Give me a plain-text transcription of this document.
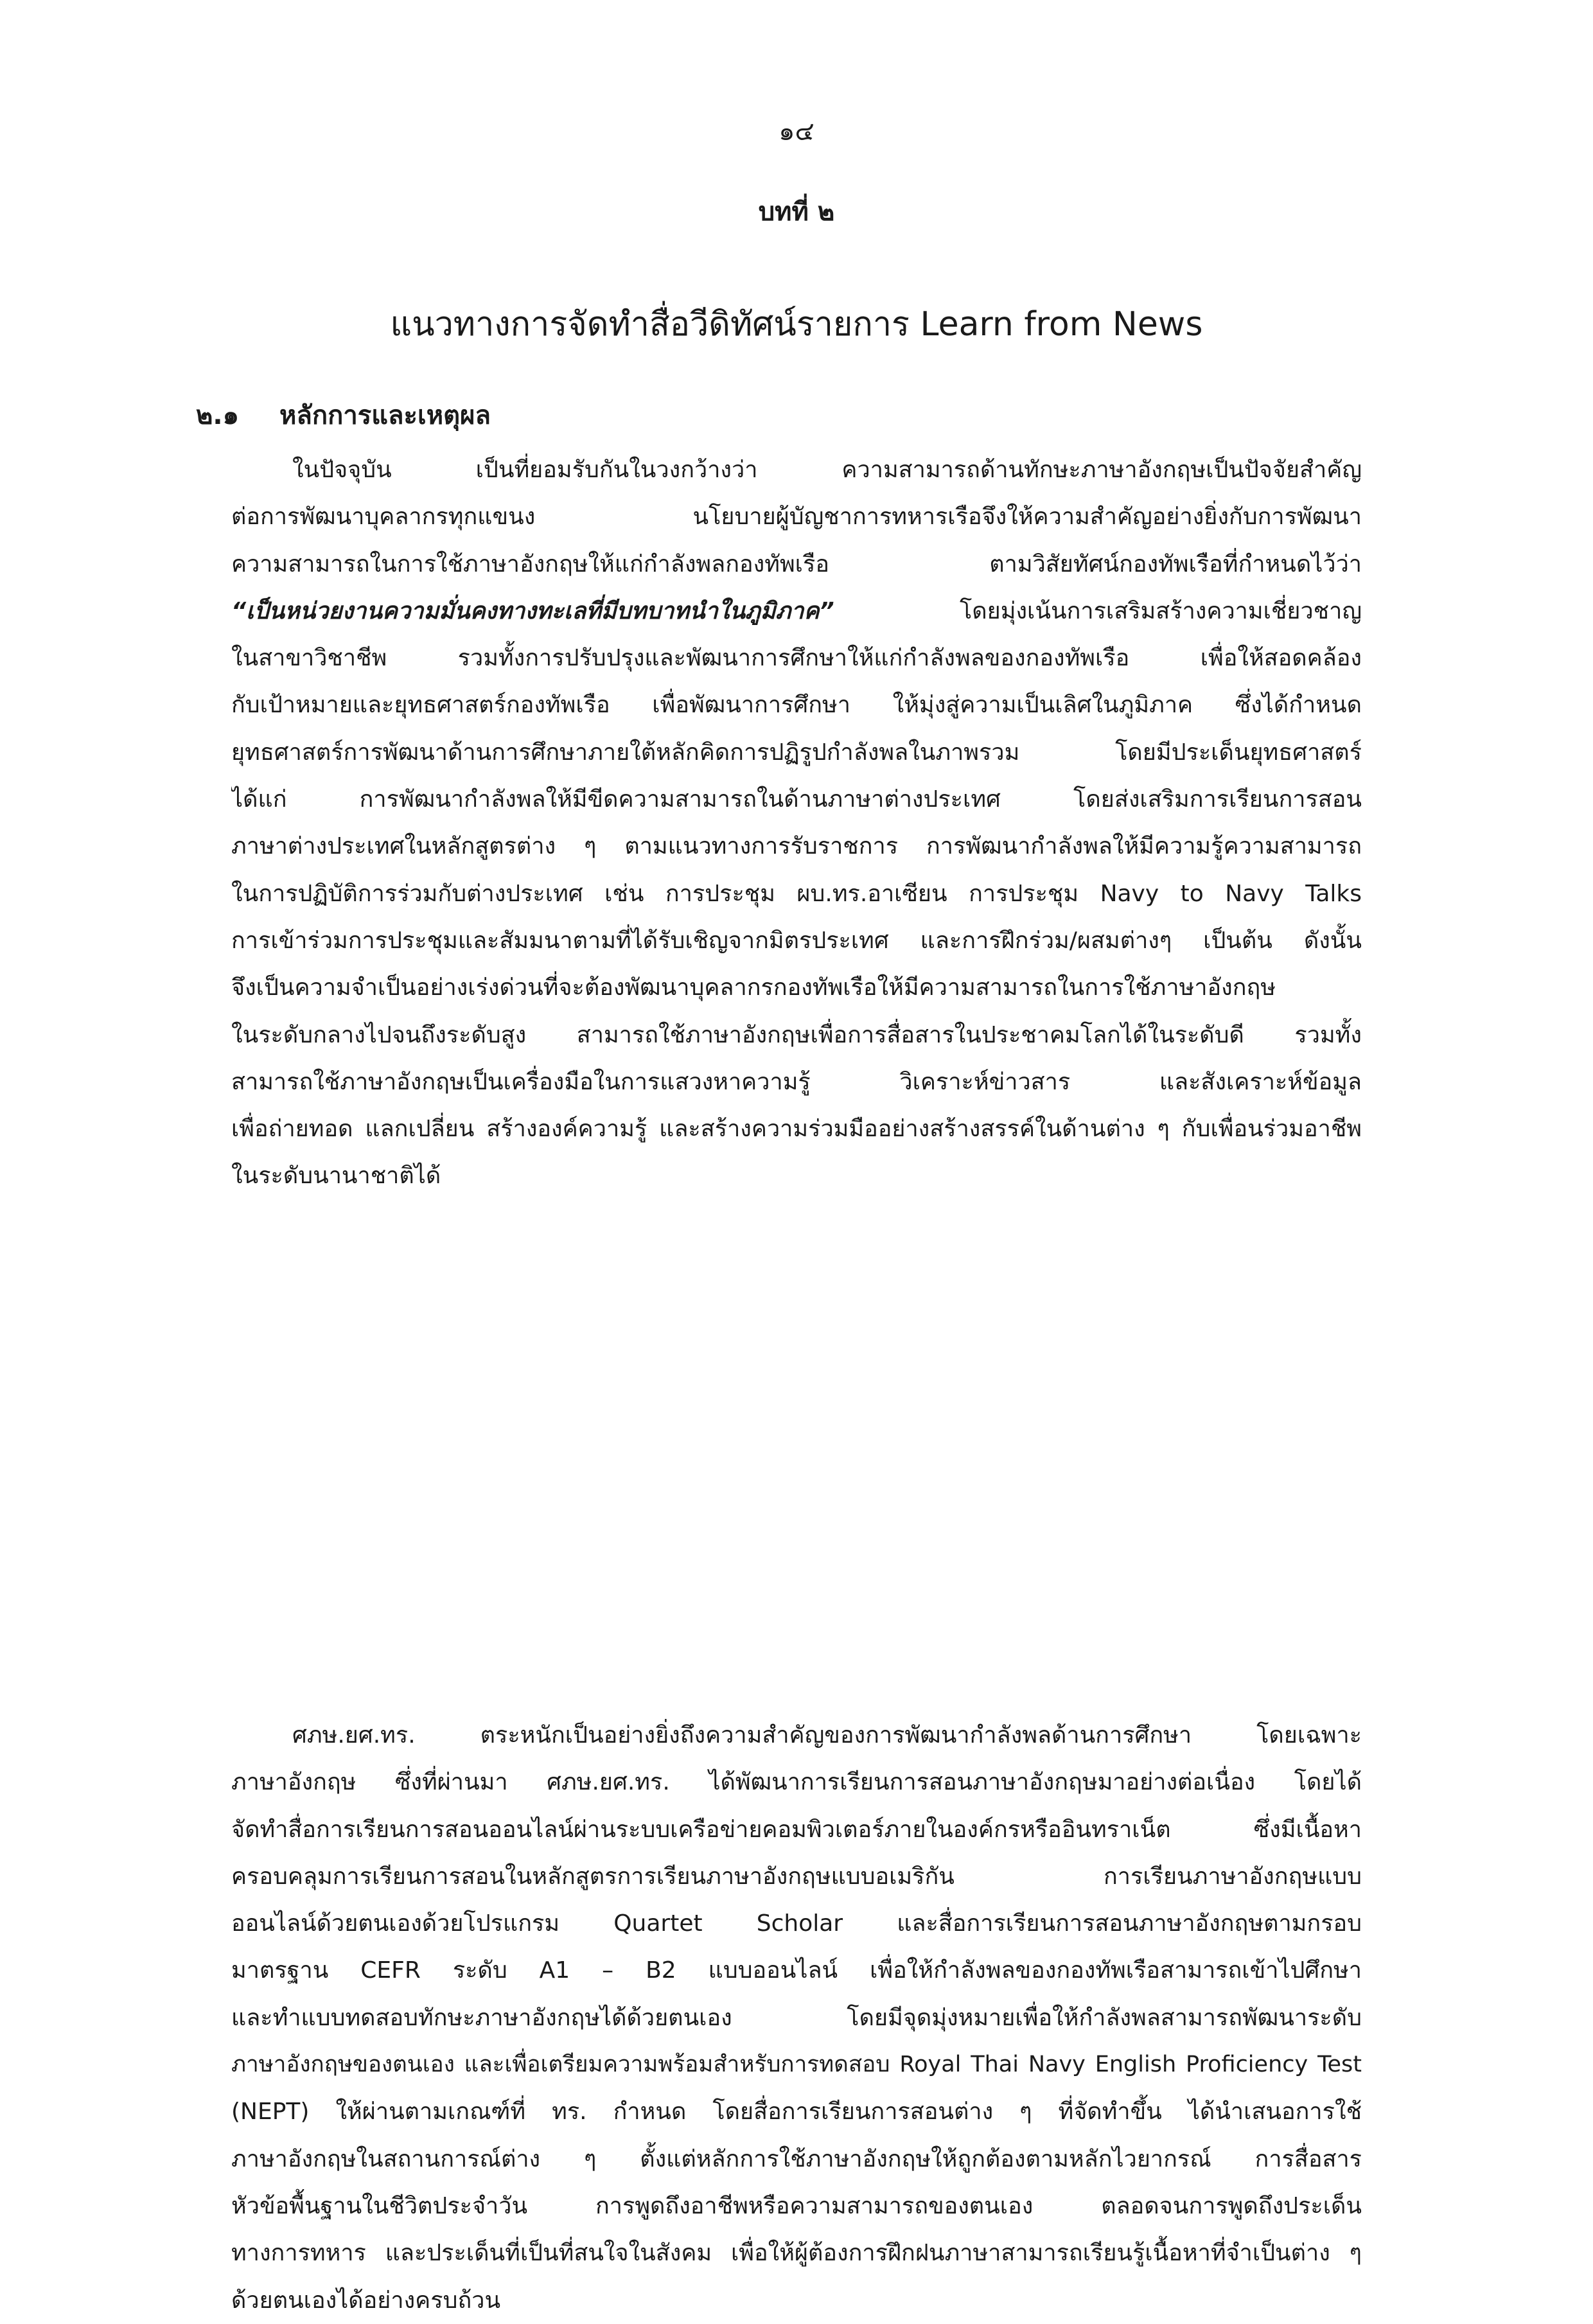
๑๔
บทที่ ๒
แนวทางการจัดทำสื่อวีดิทัศน์รายการ Learn from News
๒.๑ หลักการและเหตุผล
ในปัจจุบัน เป็นที่ยอมรับกันในวงกว้างว่า ความสามารถด้านทักษะภาษาอังกฤษเป็นปัจจัยสำคัญ
ต่อการพัฒนาบุคลากรทุกแขนง นโยบายผู้บัญชาการทหารเรือจึงให้ความสำคัญอย่างยิ่งกับการพัฒนา
ความสามารถในการใช้ภาษาอังกฤษให้แก่กำลังพลกองทัพเรือ ตามวิสัยทัศน์กองทัพเรือที่กำหนดไว้ว่า
“เป็นหน่วยงานความมั่นคงทางทะเลที่มีบทบาทนำในภูมิภาค” โดยมุ่งเน้นการเสริมสร้างความเชี่ยวชาญ
ในสาขาวิชาชีพ รวมทั้งการปรับปรุงและพัฒนาการศึกษาให้แก่กำลังพลของกองทัพเรือ เพื่อให้สอดคล้อง
กับเป้าหมายและยุทธศาสตร์กองทัพเรือ เพื่อพัฒนาการศึกษา ให้มุ่งสู่ความเป็นเลิศในภูมิภาค ซึ่งได้กำหนด
ยุทธศาสตร์การพัฒนาด้านการศึกษาภายใต้หลักคิดการปฏิรูปกำลังพลในภาพรวม โดยมีประเด็นยุทธศาสตร์
ได้แก่ การพัฒนากำลังพลให้มีขีดความสามารถในด้านภาษาต่างประเทศ โดยส่งเสริมการเรียนการสอน
ภาษาต่างประเทศในหลักสูตรต่าง ๆ ตามแนวทางการรับราชการ การพัฒนากำลังพลให้มีความรู้ความสามารถ
ในการปฏิบัติการร่วมกับต่างประเทศ เช่น การประชุม ผบ.ทร.อาเซียน การประชุม Navy to Navy Talks
การเข้าร่วมการประชุมและสัมมนาตามที่ได้รับเชิญจากมิตรประเทศ และการฝึกร่วม/ผสมต่างๆ เป็นต้น ดังนั้น
จึงเป็นความจำเป็นอย่างเร่งด่วนที่จะต้องพัฒนาบุคลากรกองทัพเรือให้มีความสามารถในการใช้ภาษาอังกฤษ
ในระดับกลางไปจนถึงระดับสูง สามารถใช้ภาษาอังกฤษเพื่อการสื่อสารในประชาคมโลกได้ในระดับดี รวมทั้ง
สามารถใช้ภาษาอังกฤษเป็นเครื่องมือในการแสวงหาความรู้ วิเคราะห์ข่าวสาร และสังเคราะห์ข้อมูล
เพื่อถ่ายทอด แลกเปลี่ยน สร้างองค์ความรู้ และสร้างความร่วมมืออย่างสร้างสรรค์ในด้านต่าง ๆ กับเพื่อนร่วมอาชีพ
ในระดับนานาชาติได้
ศภษ.ยศ.ทร. ตระหนักเป็นอย่างยิ่งถึงความสำคัญของการพัฒนากำลังพลด้านการศึกษา โดยเฉพาะ
ภาษาอังกฤษ ซึ่งที่ผ่านมา ศภษ.ยศ.ทร. ได้พัฒนาการเรียนการสอนภาษาอังกฤษมาอย่างต่อเนื่อง โดยได้
จัดทำสื่อการเรียนการสอนออนไลน์ผ่านระบบเครือข่ายคอมพิวเตอร์ภายในองค์กรหรืออินทราเน็ต ซึ่งมีเนื้อหา
ครอบคลุมการเรียนการสอนในหลักสูตรการเรียนภาษาอังกฤษแบบอเมริกัน การเรียนภาษาอังกฤษแบบ
ออนไลน์ด้วยตนเองด้วยโปรแกรม Quartet Scholar และสื่อการเรียนการสอนภาษาอังกฤษตามกรอบ
มาตรฐาน CEFR ระดับ A1 – B2 แบบออนไลน์ เพื่อให้กำลังพลของกองทัพเรือสามารถเข้าไปศึกษา
และทำแบบทดสอบทักษะภาษาอังกฤษได้ด้วยตนเอง โดยมีจุดมุ่งหมายเพื่อให้กำลังพลสามารถพัฒนาระดับ
ภาษาอังกฤษของตนเอง และเพื่อเตรียมความพร้อมสำหรับการทดสอบ Royal Thai Navy English Proficiency Test
(NEPT) ให้ผ่านตามเกณฑ์ที่ ทร. กำหนด โดยสื่อการเรียนการสอนต่าง ๆ ที่จัดทำขึ้น ได้นำเสนอการใช้
ภาษาอังกฤษในสถานการณ์ต่าง ๆ ตั้งแต่หลักการใช้ภาษาอังกฤษให้ถูกต้องตามหลักไวยากรณ์ การสื่อสาร
หัวข้อพื้นฐานในชีวิตประจำวัน การพูดถึงอาชีพหรือความสามารถของตนเอง ตลอดจนการพูดถึงประเด็น
ทางการทหาร และประเด็นที่เป็นที่สนใจในสังคม เพื่อให้ผู้ต้องการฝึกฝนภาษาสามารถเรียนรู้เนื้อหาที่จำเป็นต่าง ๆ
ด้วยตนเองได้อย่างครบถ้วน
